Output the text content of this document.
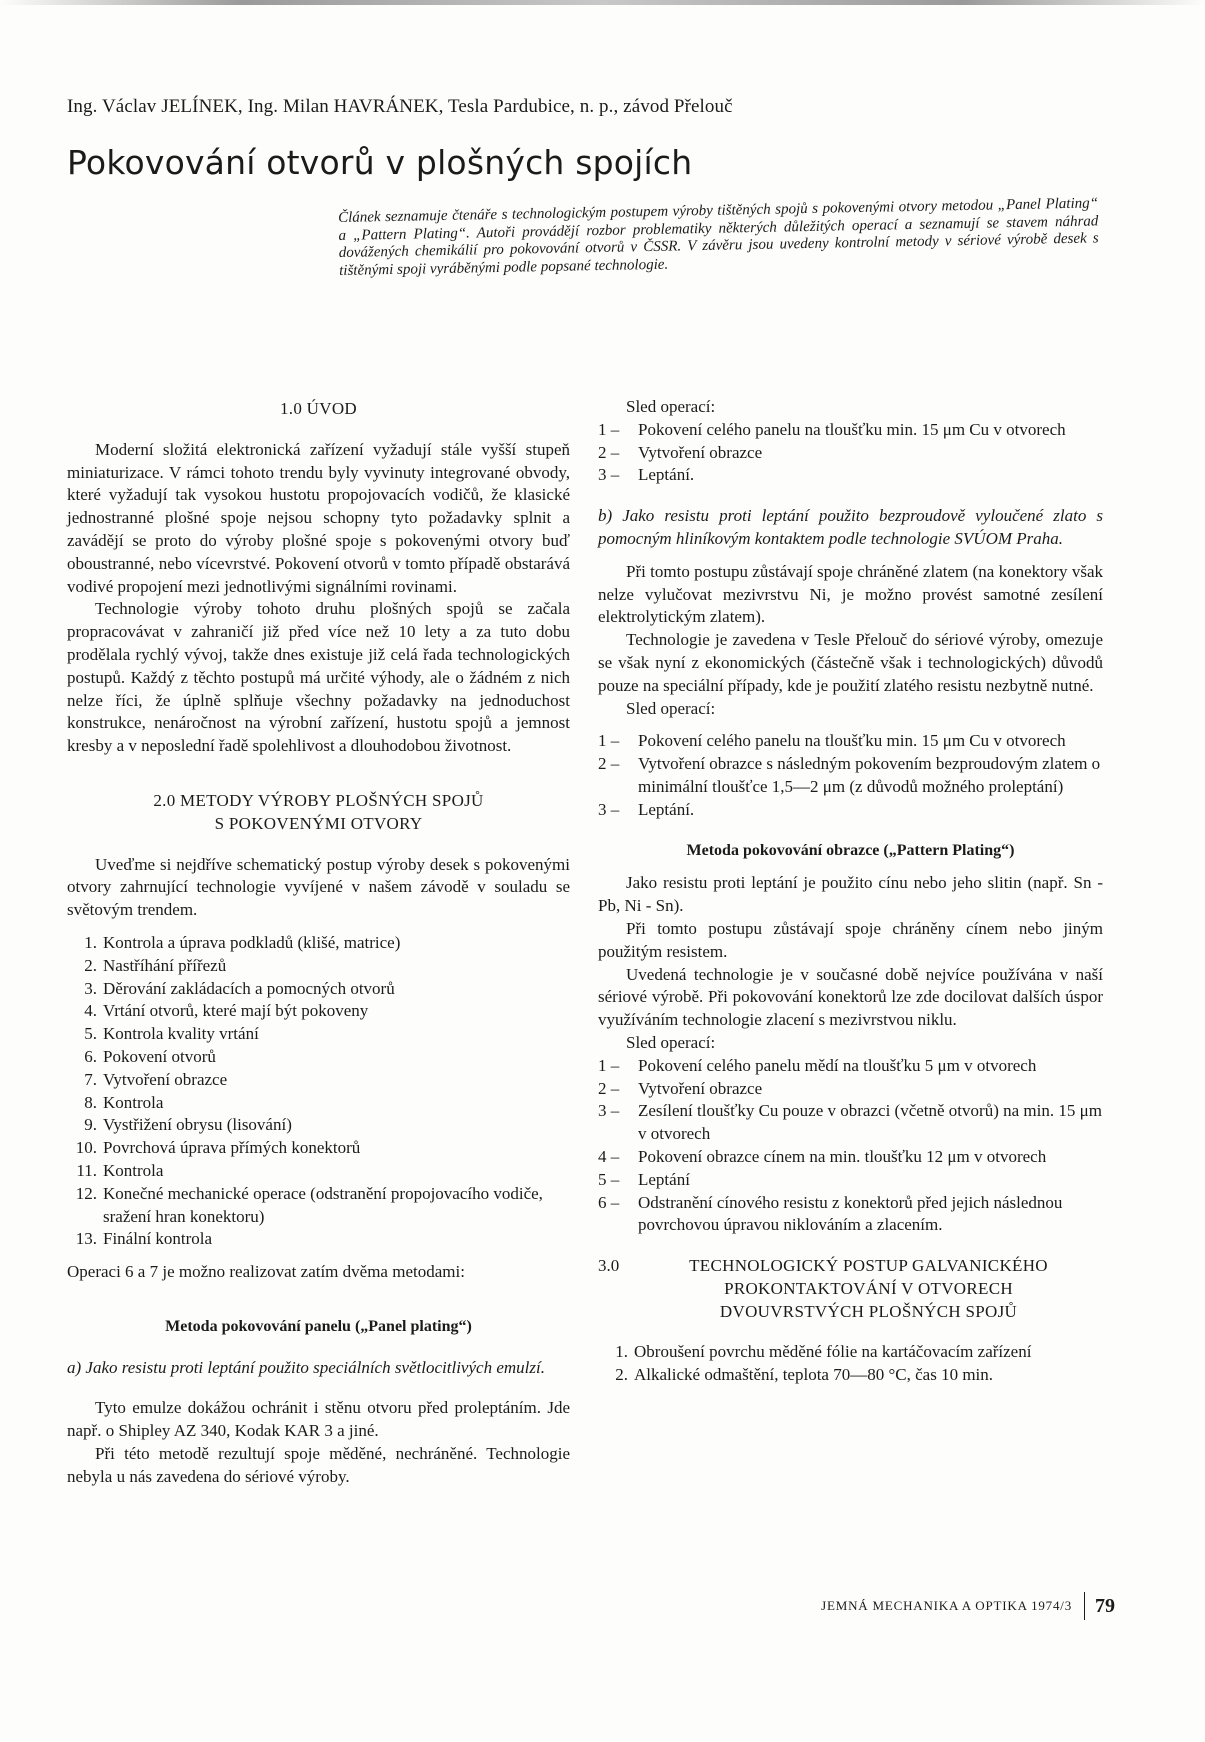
Ing. Václav JELÍNEK, Ing. Milan HAVRÁNEK, Tesla Pardubice, n. p., závod Přelouč
Pokovování otvorů v plošných spojích

Článek seznamuje čtenáře s technologickým postupem výroby tištěných spojů s pokovenými otvory metodou „Panel Plating“ a „Pattern Plating“. Autoři provádějí rozbor problematiky některých důležitých operací a seznamují se stavem náhrad dovážených chemikálií pro pokovování otvorů v ČSSR. V závěru jsou uvedeny kontrolní metody v sériové výrobě desek s tištěnými spoji vyráběnými podle popsané technologie.

1.0 ÚVOD

Moderní složitá elektronická zařízení vyžadují stále vyšší stupeň miniaturizace. V rámci tohoto trendu byly vyvinuty integrované obvody, které vyžadují tak vysokou hustotu propojovacích vodičů, že klasické jednostranné plošné spoje nejsou schopny tyto požadavky splnit a zavádějí se proto do výroby plošné spoje s pokovenými otvory buď oboustranné, nebo vícevrstvé. Pokovení otvorů v tomto případě obstarává vodivé propojení mezi jednotlivými signálními rovinami.

Technologie výroby tohoto druhu plošných spojů se začala propracovávat v zahraničí již před více než 10 lety a za tuto dobu prodělala rychlý vývoj, takže dnes existuje již celá řada technologických postupů. Každý z těchto postupů má určité výhody, ale o žádném z nich nelze říci, že úplně splňuje všechny požadavky na jednoduchost konstrukce, nenáročnost na výrobní zařízení, hustotu spojů a jemnost kresby a v neposlední řadě spolehlivost a dlouhodobou životnost.

2.0 METODY VÝROBY PLOŠNÝCH SPOJŮ
S POKOVENÝMI OTVORY

Uveďme si nejdříve schematický postup výroby desek s pokovenými otvory zahrnující technologie vyvíjené v našem závodě v souladu se světovým trendem.

1. Kontrola a úprava podkladů (klišé, matrice)
2. Nastříhání přířezů
3. Děrování zakládacích a pomocných otvorů
4. Vrtání otvorů, které mají být pokoveny
5. Kontrola kvality vrtání
6. Pokovení otvorů
7. Vytvoření obrazce
8. Kontrola
9. Vystřižení obrysu (lisování)
10. Povrchová úprava přímých konektorů
11. Kontrola
12. Konečné mechanické operace (odstranění propojovacího vodiče, sražení hran konektoru)
13. Finální kontrola

Operaci 6 a 7 je možno realizovat zatím dvěma metodami:

Metoda pokovování panelu („Panel plating“)

a) Jako resistu proti leptání použito speciálních světlocitlivých emulzí.

Tyto emulze dokážou ochránit i stěnu otvoru před proleptáním. Jde např. o Shipley AZ 340, Kodak KAR 3 a jiné.

Při této metodě rezultují spoje měděné, nechráněné. Technologie nebyla u nás zavedena do sériové výroby.

Sled operací:

1 –	Pokovení celého panelu na tloušťku min. 15 μm Cu v otvorech
2 –	Vytvoření obrazce
3 –	Leptání.

b) Jako resistu proti leptání použito bezproudově vyloučené zlato s pomocným hliníkovým kontaktem podle technologie SVÚOM Praha.

Při tomto postupu zůstávají spoje chráněné zlatem (na konektory však nelze vylučovat mezivrstvu Ni, je možno provést samotné zesílení elektrolytickým zlatem).

Technologie je zavedena v Tesle Přelouč do sériové výroby, omezuje se však nyní z ekonomických (částečně však i technologických) důvodů pouze na speciální případy, kde je použití zlatého resistu nezbytně nutné.

Sled operací:

1 –	Pokovení celého panelu na tloušťku min. 15 μm Cu v otvorech
2 –	Vytvoření obrazce s následným pokovením bezproudovým zlatem o minimální tloušťce 1,5—2 μm (z důvodů možného proleptání)
3 –	Leptání.
Metoda pokovování obrazce („Pattern Plating“)

Jako resistu proti leptání je použito cínu nebo jeho slitin (např. Sn - Pb, Ni - Sn).

Při tomto postupu zůstávají spoje chráněny cínem nebo jiným použitým resistem.

Uvedená technologie je v současné době nejvíce používána v naší sériové výrobě. Při pokovování konektorů lze zde docilovat dalších úspor využíváním technologie zlacení s mezivrstvou niklu.

Sled operací:

1 –	Pokovení celého panelu mědí na tloušťku 5 μm v otvorech
2 –	Vytvoření obrazce
3 –	Zesílení tloušťky Cu pouze v obrazci (včetně otvorů) na min. 15 μm v otvorech
4 –	Pokovení obrazce cínem na min. tloušťku 12 μm v otvorech
5 –	Leptání
6 –	Odstranění cínového resistu z konektorů před jejich následnou povrchovou úpravou niklováním a zlacením.
3.0	TECHNOLOGICKÝ POSTUP GALVANICKÉHO
PROKONTAKTOVÁNÍ V OTVORECH
DVOUVRSTVÝCH PLOŠNÝCH SPOJŮ
1. Obroušení povrchu měděné fólie na kartáčovacím zařízení
2. Alkalické odmaštění, teplota 70—80 °C, čas 10 min.
JEMNÁ MECHANIKA A OPTIKA 1974/3 79
